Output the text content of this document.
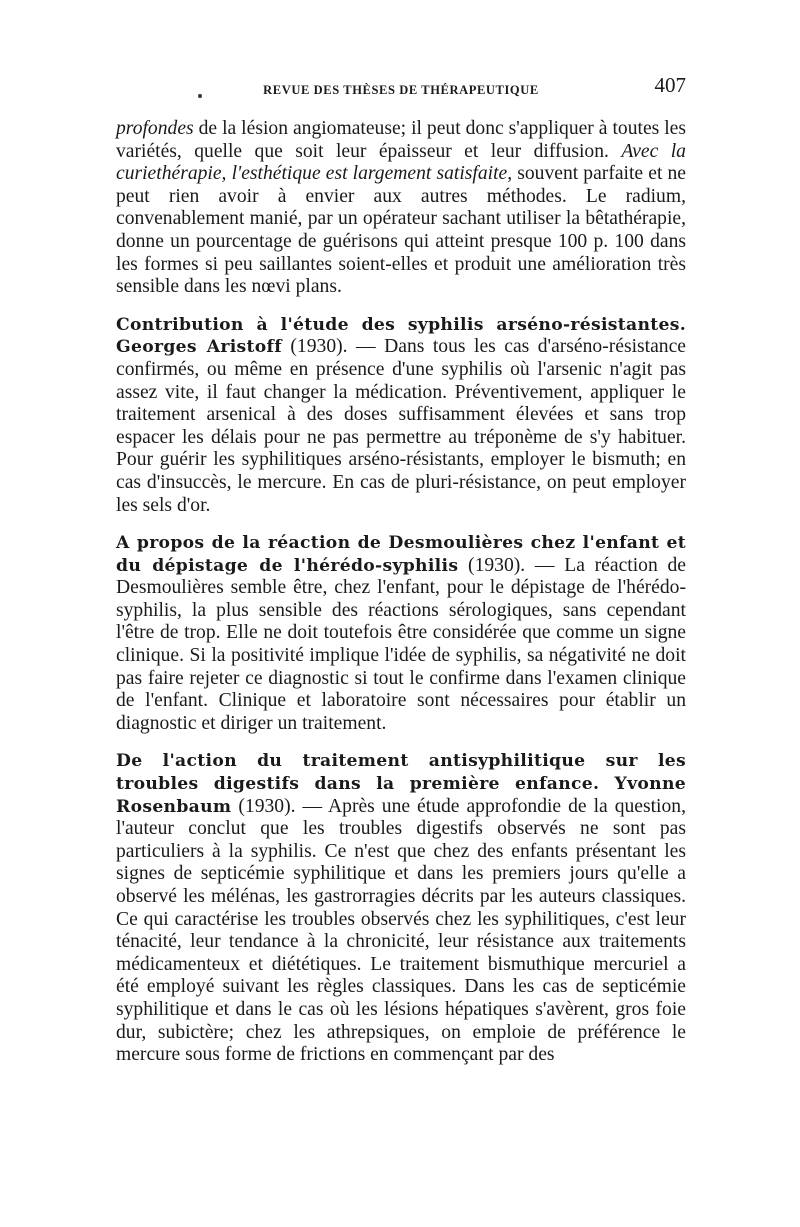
$_{REVUE DES THÈSES DE THÉRAPEUTIQUE}$	407

profondes de la lésion angiomateuse; il peut donc s'appliquer à toutes les variétés, quelle que soit leur épaisseur et leur diffusion. Avec la curiethérapie, l'esthétique est largement satisfaite, souvent parfaite et ne peut rien avoir à envier aux autres méthodes. Le radium, convenablement manié, par un opérateur sachant utiliser la bêtathérapie, donne un pourcentage de guérisons qui atteint presque 100 p. 100 dans les formes si peu saillantes soient-elles et produit une amélioration très sensible dans les nœvi plans.

Contribution à l'étude des syphilis arséno-résistantes. Georges Aristoff (1930). — Dans tous les cas d'arséno-résistance confirmés, ou même en présence d'une syphilis où l'arsenic n'agit pas assez vite, il faut changer la médication. Préventivement, appliquer le traitement arsenical à des doses suffisamment élevées et sans trop espacer les délais pour ne pas permettre au tréponème de s'y habituer. Pour guérir les syphilitiques arséno-résistants, employer le bismuth; en cas d'insuccès, le mercure. En cas de pluri-résistance, on peut employer les sels d'or.

A propos de la réaction de Desmoulières chez l'enfant et du dépistage de l'hérédo-syphilis (1930). — La réaction de Desmoulières semble être, chez l'enfant, pour le dépistage de l'hérédo-syphilis, la plus sensible des réactions sérologiques, sans cependant l'être de trop. Elle ne doit toutefois être considérée que comme un signe clinique. Si la positivité implique l'idée de syphilis, sa négativité ne doit pas faire rejeter ce diagnostic si tout le confirme dans l'examen clinique de l'enfant. Clinique et laboratoire sont nécessaires pour établir un diagnostic et diriger un traitement.

De l'action du traitement antisyphilitique sur les troubles digestifs dans la première enfance. Yvonne Rosenbaum (1930). — Après une étude approfondie de la question, l'auteur conclut que les troubles digestifs observés ne sont pas particuliers à la syphilis. Ce n'est que chez des enfants présentant les signes de septicémie syphilitique et dans les premiers jours qu'elle a observé les mélénas, les gastrorragies décrits par les auteurs classiques. Ce qui caractérise les troubles observés chez les syphilitiques, c'est leur ténacité, leur tendance à la chronicité, leur résistance aux traitements médicamenteux et diététiques. Le traitement bismuthique mercuriel a été employé suivant les règles classiques. Dans les cas de septicémie syphilitique et dans le cas où les lésions hépatiques s'avèrent, gros foie dur, subictère; chez les athrepsiques, on emploie de préférence le mercure sous forme de frictions en commençant par des
